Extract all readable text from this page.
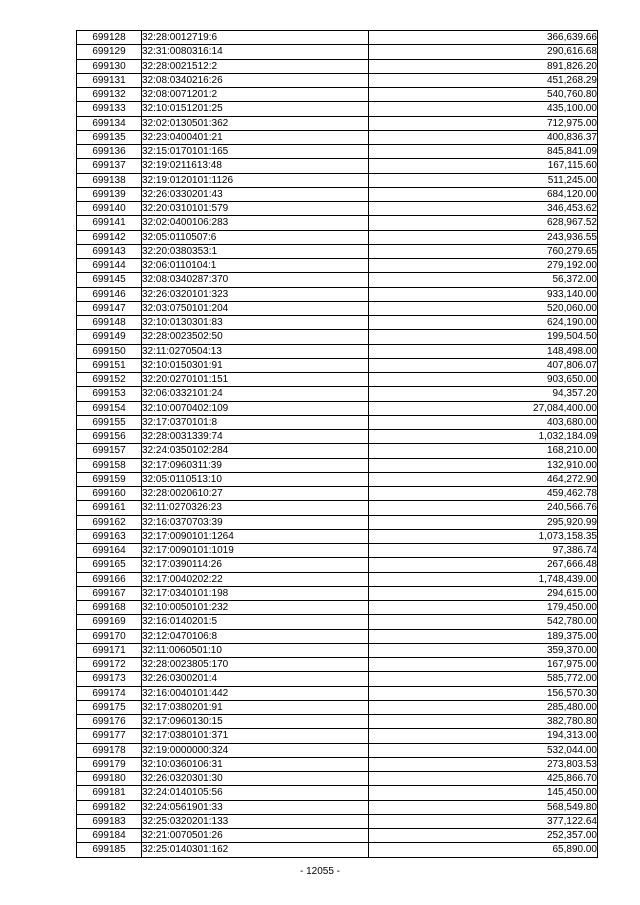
699128	32:28:0012719:6	366,639.66
699129	32:31:0080316:14	290,616.68
699130	32:28:0021512:2	891,826.20
699131	32:08:0340216:26	451,268.29
699132	32:08:0071201:2	540,760.80
699133	32:10:0151201:25	435,100.00
699134	32:02:0130501:362	712,975.00
699135	32:23:0400401:21	400,836.37
699136	32:15:0170101:165	845,841.09
699137	32:19:0211613:48	167,115.60
699138	32:19:0120101:1126	511,245.00
699139	32:26:0330201:43	684,120.00
699140	32:20:0310101:579	346,453.62
699141	32:02:0400106:283	628,967.52
699142	32:05:0110507:6	243,936.55
699143	32:20:0380353:1	760,279.65
699144	32:06:0110104:1	279,192.00
699145	32:08:0340287:370	56,372.00
699146	32:26:0320101:323	933,140.00
699147	32:03:0750101:204	520,060.00
699148	32:10:0130301:83	624,190.00
699149	32:28:0023502:50	199,504.50
699150	32:11:0270504:13	148,498.00
699151	32:10:0150301:91	407,806.07
699152	32:20:0270101:151	903,650.00
699153	32:06:0332101:24	94,357.20
699154	32:10:0070402:109	27,084,400.00
699155	32:17:0370101:8	403,680.00
699156	32:28:0031339:74	1,032,184.09
699157	32:24:0350102:284	168,210.00
699158	32:17:0960311:39	132,910.00
699159	32:05:0110513:10	464,272.90
699160	32:28:0020610:27	459,462.78
699161	32:11:0270326:23	240,566.76
699162	32:16:0370703:39	295,920.99
699163	32:17:0090101:1264	1,073,158.35
699164	32:17:0090101:1019	97,386.74
699165	32:17:0390114:26	267,666.48
699166	32:17:0040202:22	1,748,439.00
699167	32:17:0340101:198	294,615.00
699168	32:10:0050101:232	179,450.00
699169	32:16:0140201:5	542,780.00
699170	32:12:0470106:8	189,375.00
699171	32:11:0060501:10	359,370.00
699172	32:28:0023805:170	167,975.00
699173	32:26:0300201:4	585,772.00
699174	32:16:0040101:442	156,570.30
699175	32:17:0380201:91	285,480.00
699176	32:17:0960130:15	382,780.80
699177	32:17:0380101:371	194,313.00
699178	32:19:0000000:324	532,044.00
699179	32:10:0360106:31	273,803.53
699180	32:26:0320301:30	425,866.70
699181	32:24:0140105:56	145,450.00
699182	32:24:0561901:33	568,549.80
699183	32:25:0320201:133	377,122.64
699184	32:21:0070501:26	252,357.00
699185	32:25:0140301:162	65,890.00
- 12055 -
